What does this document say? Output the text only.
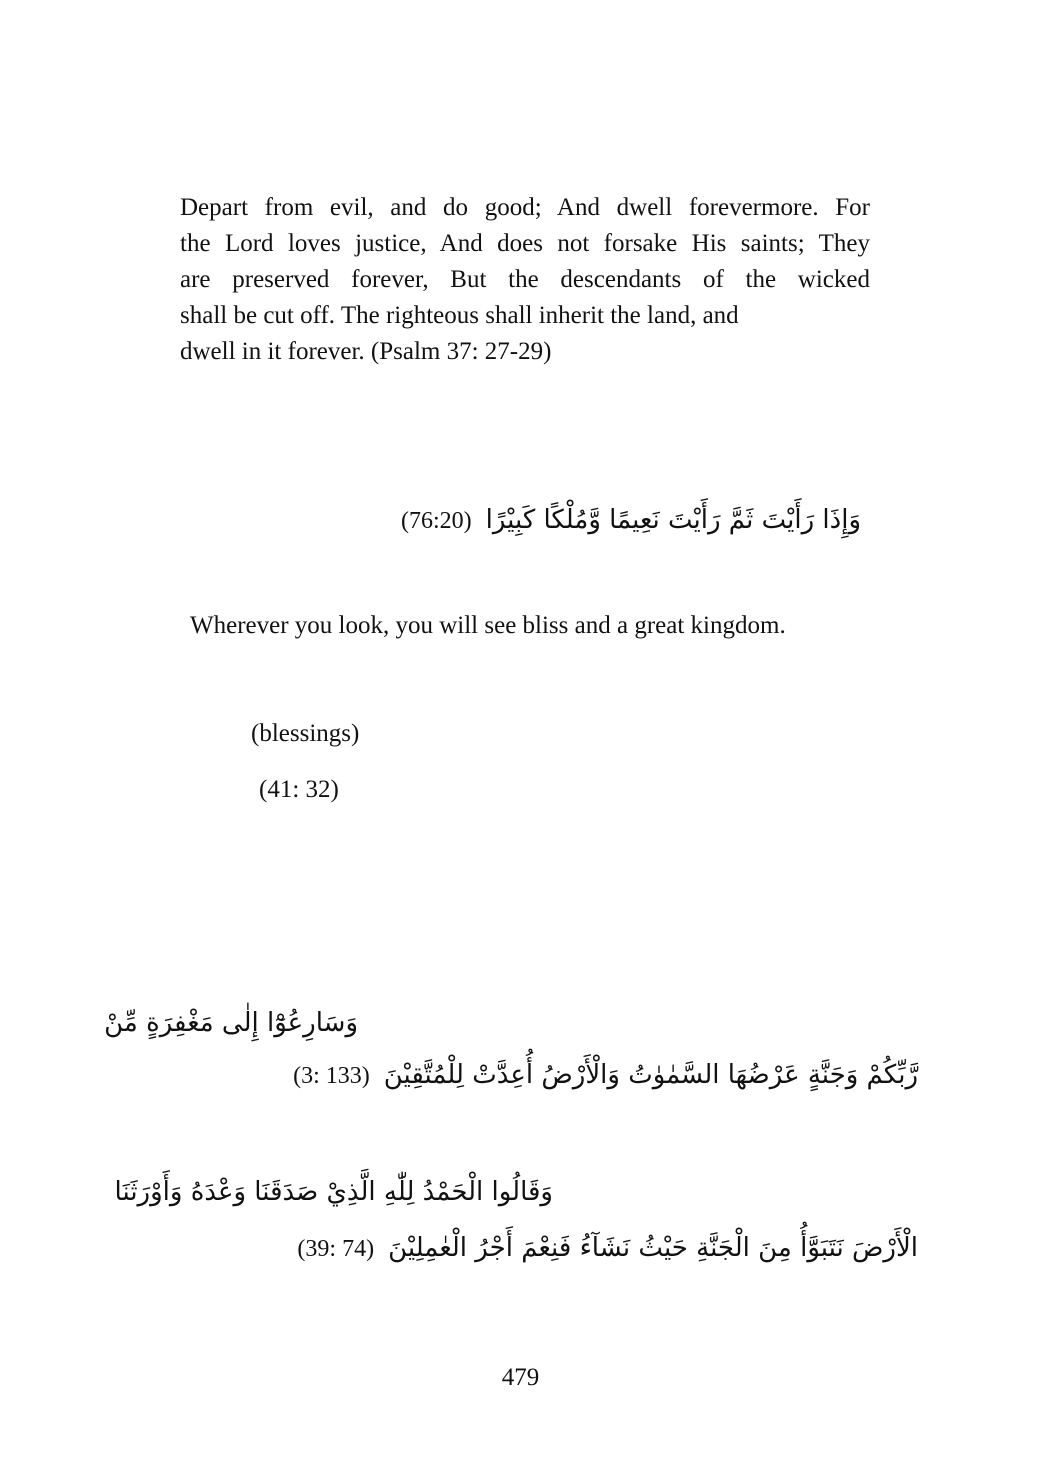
Depart from evil, and do good; And dwell forevermore. For
the Lord loves justice, And does not forsake His saints; They
are preserved forever, But the descendants of the wicked
shall be cut off. The righteous shall inherit the land, and
dwell in it forever. (Psalm 37: 27-29)

وَإِذَا رَأَيْتَ ثَمَّ رَأَيْتَ نَعِيمًا وَّمُلْكًا كَبِيْرًا(76:20)

Wherever you look, you will see bliss and a great kingdom.

(blessings)

(41: 32)

وَسَارِعُوْٓا إِلٰى مَغْفِرَةٍ مِّنْ
رَّبِّكُمْ وَجَنَّةٍ عَرْضُهَا السَّمٰوٰتُ وَالْأَرْضُ أُعِدَّتْ لِلْمُتَّقِيْنَ(3: 133)
وَقَالُوا الْحَمْدُ لِلّٰهِ الَّذِيْ صَدَقَنَا وَعْدَهُ وَأَوْرَثَنَا
الْأَرْضَ نَتَبَوَّأُ مِنَ الْجَنَّةِ حَيْثُ نَشَآءُ فَنِعْمَ أَجْرُ الْعٰمِلِيْنَ(39: 74)

479
